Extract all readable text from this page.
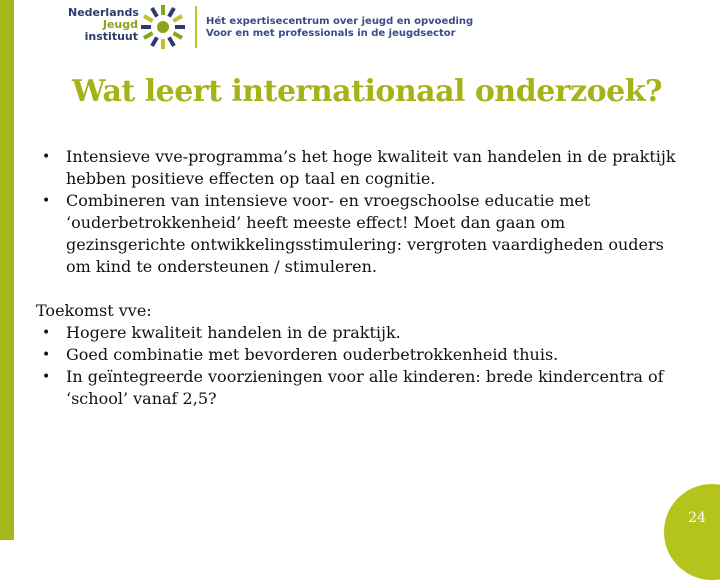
Nederlands
Jeugd
instituut
Hét expertisecentrum over jeugd en opvoeding
Voor en met professionals in de jeugdsector
Wat leert internationaal onderzoek?
• Intensieve vve-programma’s het hoge kwaliteit van handelen in de praktijk hebben positieve effecten op taal en cognitie.
• Combineren van intensieve voor- en vroegschoolse educatie met ‘ouderbetrokkenheid’ heeft meeste effect! Moet dan gaan om gezinsgerichte ontwikkelingsstimulering: vergroten vaardigheden ouders om kind te ondersteunen / stimuleren.
Toekomst vve:
• Hogere kwaliteit handelen in de praktijk.
• Goed combinatie met bevorderen ouderbetrokkenheid thuis.
• In geïntegreerde voorzieningen voor alle kinderen: brede kindercentra of ‘school’ vanaf 2,5?
24
